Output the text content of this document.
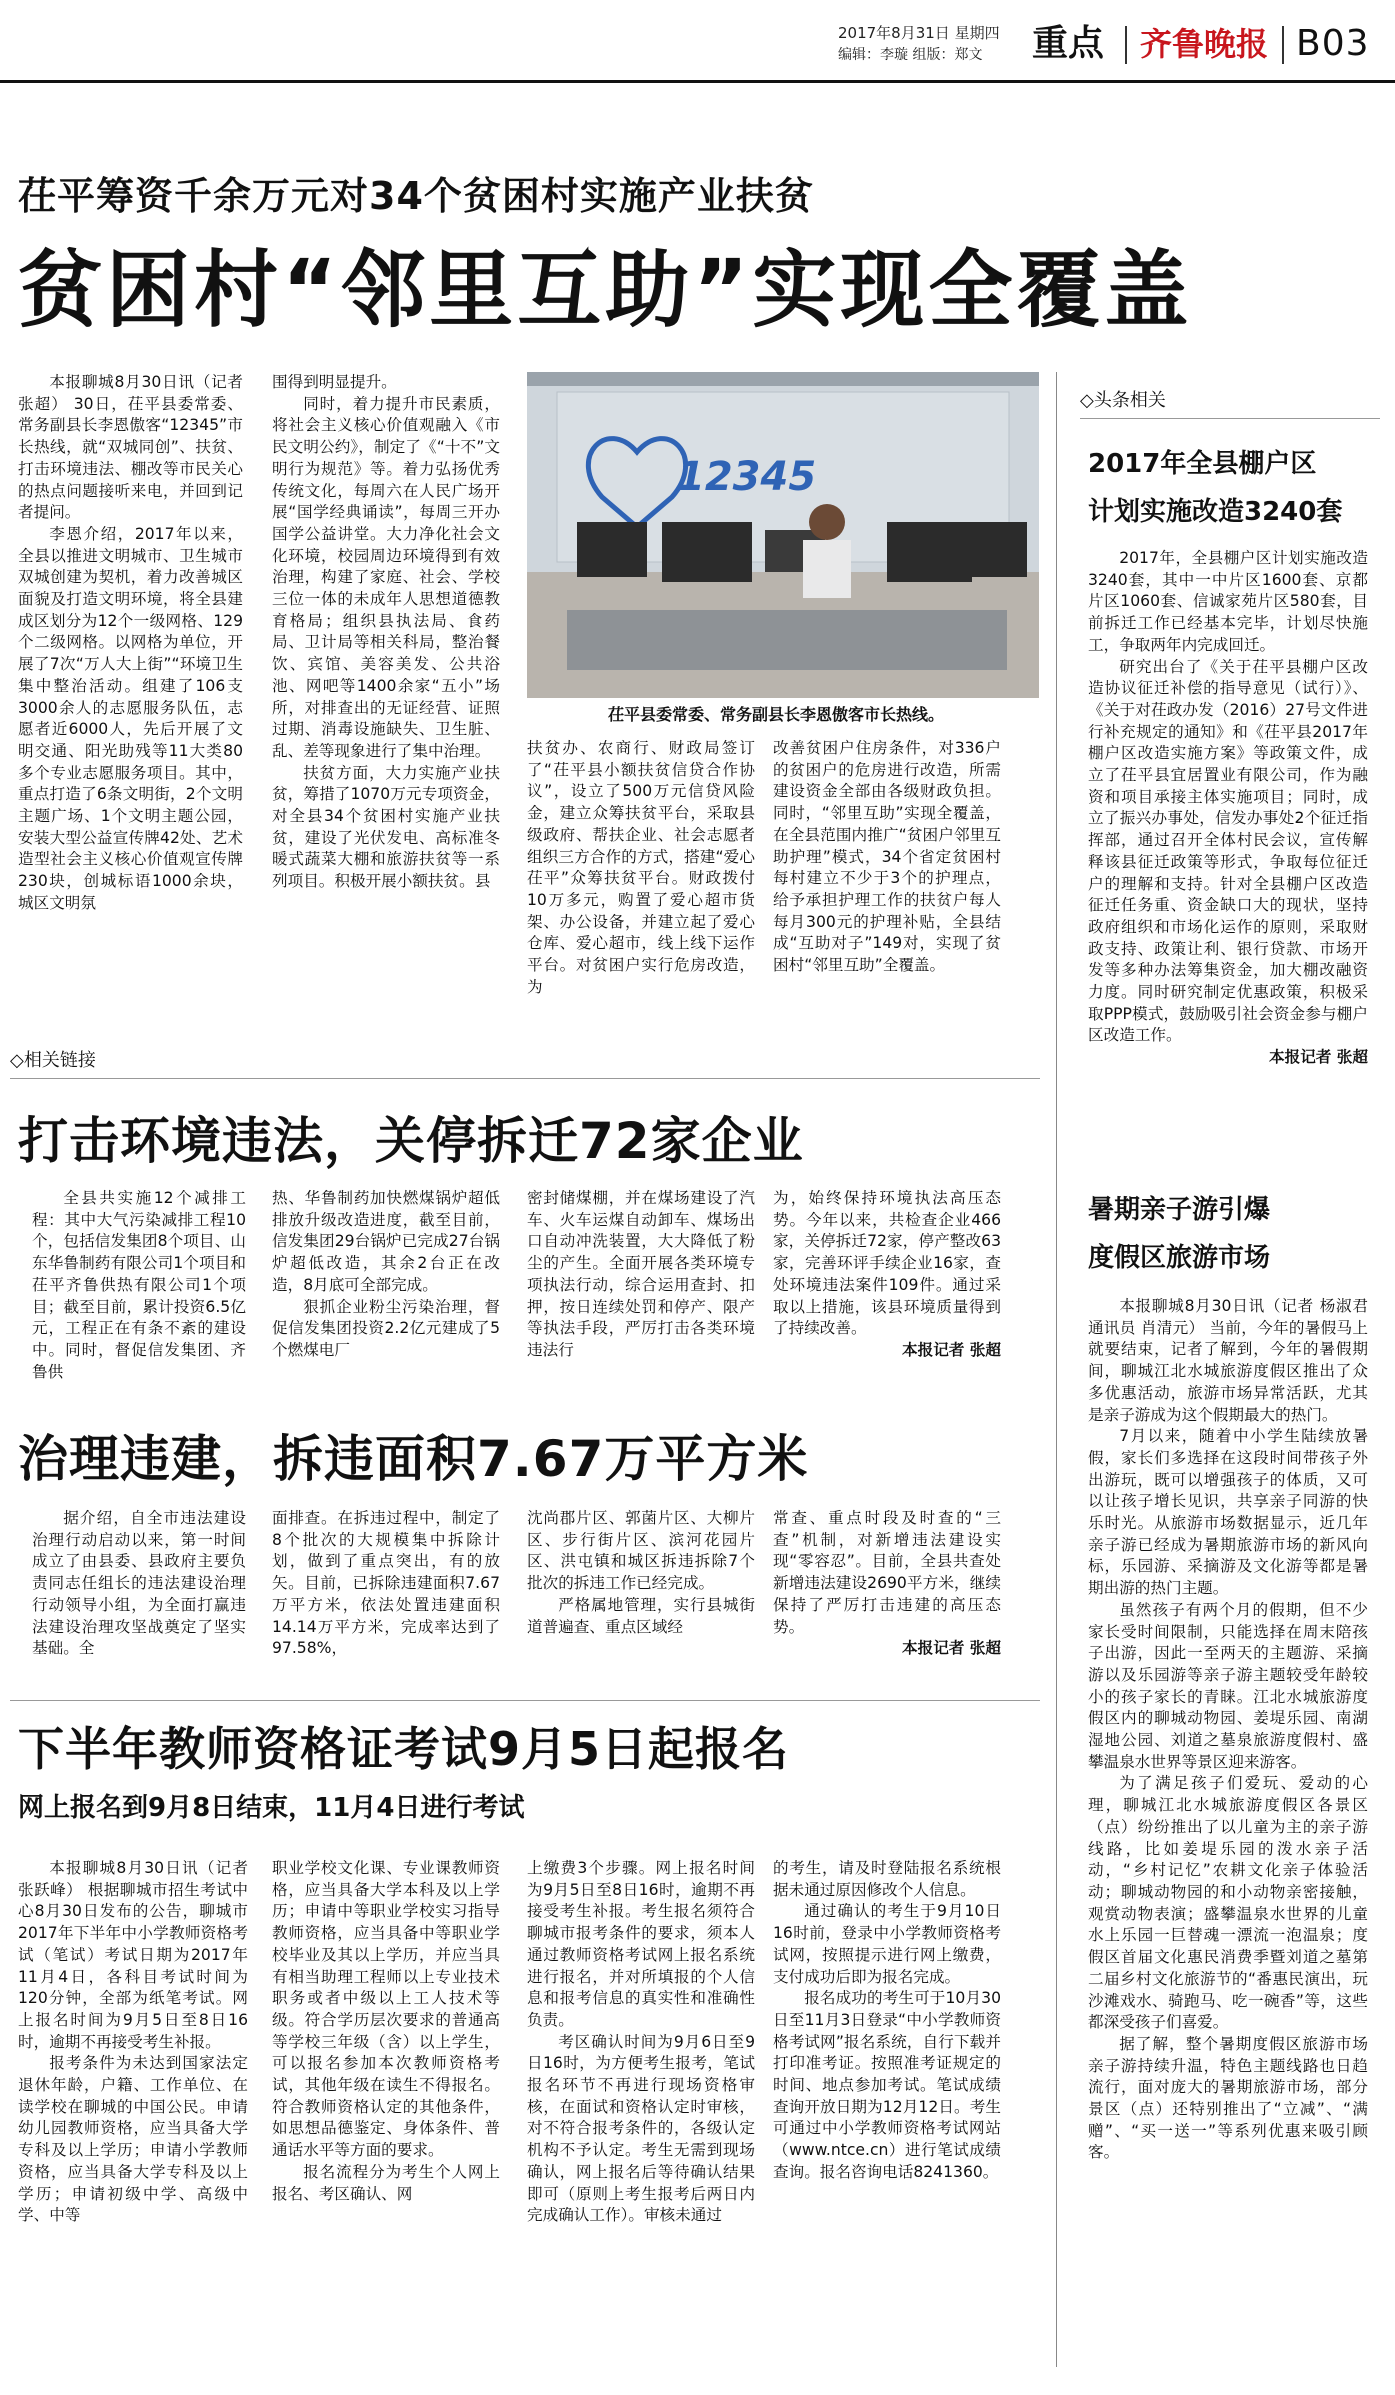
2017年8月31日 星期四
编辑：李璇 组版：郑文	重点 齐鲁晚报 B03
茌平筹资千余万元对34个贫困村实施产业扶贫
贫困村“邻里互助”实现全覆盖

本报聊城8月30日讯（记者 张超） 30日，茌平县委常委、常务副县长李恩傲客“12345”市长热线，就“双城同创”、扶贫、打击环境违法、棚改等市民关心的热点问题接听来电，并回到记者提问。

李恩介绍，2017年以来，全县以推进文明城市、卫生城市双城创建为契机，着力改善城区面貌及打造文明环境，将全县建成区划分为12个一级网格、129个二级网格。以网格为单位，开展了7次“万人大上街”“环境卫生集中整治活动。组建了106支3000余人的志愿服务队伍，志愿者近6000人，先后开展了文明交通、阳光助残等11大类80多个专业志愿服务项目。其中，重点打造了6条文明街，2个文明主题广场、1个文明主题公园，安装大型公益宣传牌42处、艺术造型社会主义核心价值观宣传牌230块，创城标语1000余块，城区文明氛

围得到明显提升。

同时，着力提升市民素质，将社会主义核心价值观融入《市民文明公约》，制定了《“十不”文明行为规范》等。着力弘扬优秀传统文化，每周六在人民广场开展“国学经典诵读”，每周三开办国学公益讲堂。大力净化社会文化环境，校园周边环境得到有效治理，构建了家庭、社会、学校三位一体的未成年人思想道德教育格局；组织县执法局、食药局、卫计局等相关科局，整治餐饮、宾馆、美容美发、公共浴池、网吧等1400余家“五小”场所，对排查出的无证经营、证照过期、消毒设施缺失、卫生脏、乱、差等现象进行了集中治理。

扶贫方面，大力实施产业扶贫，筹措了1070万元专项资金，对全县34个贫困村实施产业扶贫，建设了光伏发电、高标准冬暖式蔬菜大棚和旅游扶贫等一系列项目。积极开展小额扶贫。县

12345
茌平县委常委、常务副县长李恩傲客市长热线。

扶贫办、农商行、财政局签订了“茌平县小额扶贫信贷合作协议”，设立了500万元信贷风险金，建立众筹扶贫平台，采取县级政府、帮扶企业、社会志愿者组织三方合作的方式，搭建“爱心茌平”众筹扶贫平台。财政拨付10万多元，购置了爱心超市货架、办公设备，并建立起了爱心仓库、爱心超市，线上线下运作平台。对贫困户实行危房改造，为

改善贫困户住房条件，对336户的贫困户的危房进行改造，所需建设资金全部由各级财政负担。同时，“邻里互助”实现全覆盖，在全县范围内推广“贫困户邻里互助护理”模式，34个省定贫困村每村建立不少于3个的护理点，给予承担护理工作的扶贫户每人每月300元的护理补贴，全县结成“互助对子”149对，实现了贫困村“邻里互助”全覆盖。

◇相关链接
打击环境违法，关停拆迁72家企业

全县共实施12个减排工程：其中大气污染减排工程10个，包括信发集团8个项目、山东华鲁制药有限公司1个项目和茌平齐鲁供热有限公司1个项目；截至目前，累计投资6.5亿元，工程正在有条不紊的建设中。同时，督促信发集团、齐鲁供

热、华鲁制药加快燃煤锅炉超低排放升级改造进度，截至目前，信发集团29台锅炉已完成27台锅炉超低改造，其余2台正在改造，8月底可全部完成。

狠抓企业粉尘污染治理，督促信发集团投资2.2亿元建成了5个燃煤电厂

密封储煤棚，并在煤场建设了汽车、火车运煤自动卸车、煤场出口自动冲洗装置，大大降低了粉尘的产生。全面开展各类环境专项执法行动，综合运用查封、扣押，按日连续处罚和停产、限产等执法手段，严厉打击各类环境违法行

为，始终保持环境执法高压态势。今年以来，共检查企业466家，关停拆迁72家，停产整改63家，完善环评手续企业16家，查处环境违法案件109件。通过采取以上措施，该县环境质量得到了持续改善。

本报记者 张超

治理违建，拆违面积7.67万平方米

据介绍，自全市违法建设治理行动启动以来，第一时间成立了由县委、县政府主要负责同志任组长的违法建设治理行动领导小组，为全面打赢违法建设治理攻坚战奠定了坚实基础。全

面排查。在拆违过程中，制定了8个批次的大规模集中拆除计划，做到了重点突出，有的放矢。目前，已拆除违建面积7.67万平方米，依法处置违建面积14.14万平方米，完成率达到了97.58%，

沈尚郡片区、郭菌片区、大柳片区、步行街片区、滨河花园片区、洪屯镇和城区拆违拆除7个批次的拆违工作已经完成。

严格属地管理，实行县城街道普遍查、重点区域经

常查、重点时段及时查的“三查”机制，对新增违法建设实现“零容忍”。目前，全县共查处新增违法建设2690平方米，继续保持了严厉打击违建的高压态势。

本报记者 张超

下半年教师资格证考试9月5日起报名
网上报名到9月8日结束，11月4日进行考试

本报聊城8月30日讯（记者 张跃峰） 根据聊城市招生考试中心8月30日发布的公告，聊城市2017年下半年中小学教师资格考试（笔试）考试日期为2017年11月4日，各科目考试时间为120分钟，全部为纸笔考试。网上报名时间为9月5日至8日16时，逾期不再接受考生补报。

报考条件为未达到国家法定退休年龄，户籍、工作单位、在读学校在聊城的中国公民。申请幼儿园教师资格，应当具备大学专科及以上学历；申请小学教师资格，应当具备大学专科及以上学历；申请初级中学、高级中学、中等

职业学校文化课、专业课教师资格，应当具备大学本科及以上学历；申请中等职业学校实习指导教师资格，应当具备中等职业学校毕业及其以上学历，并应当具有相当助理工程师以上专业技术职务或者中级以上工人技术等级。符合学历层次要求的普通高等学校三年级（含）以上学生，可以报名参加本次教师资格考试，其他年级在读生不得报名。符合教师资格认定的其他条件，如思想品德鉴定、身体条件、普通话水平等方面的要求。

报名流程分为考生个人网上报名、考区确认、网

上缴费3个步骤。网上报名时间为9月5日至8日16时，逾期不再接受考生补报。考生报名须符合聊城市报考条件的要求，须本人通过教师资格考试网上报名系统进行报名，并对所填报的个人信息和报考信息的真实性和准确性负责。

考区确认时间为9月6日至9日16时，为方便考生报考，笔试报名环节不再进行现场资格审核，在面试和资格认定时审核，对不符合报考条件的，各级认定机构不予认定。考生无需到现场确认，网上报名后等待确认结果即可（原则上考生报考后两日内完成确认工作）。审核未通过

的考生，请及时登陆报名系统根据未通过原因修改个人信息。

通过确认的考生于9月10日16时前，登录中小学教师资格考试网，按照提示进行网上缴费，支付成功后即为报名完成。

报名成功的考生可于10月30日至11月3日登录“中小学教师资格考试网”报名系统，自行下载并打印准考证。按照准考证规定的时间、地点参加考试。笔试成绩查询开放日期为12月12日。考生可通过中小学教师资格考试网站（www.ntce.cn）进行笔试成绩查询。报名咨询电话8241360。

◇头条相关
2017年全县棚户区
计划实施改造3240套

2017年，全县棚户区计划实施改造3240套，其中一中片区1600套、京都片区1060套、信诚家苑片区580套，目前拆迁工作已经基本完毕，计划尽快施工，争取两年内完成回迁。

研究出台了《关于茌平县棚户区改造协议征迁补偿的指导意见（试行）》、《关于对茌政办发（2016）27号文件进行补充规定的通知》和《茌平县2017年棚户区改造实施方案》等政策文件，成立了茌平县宜居置业有限公司，作为融资和项目承接主体实施项目；同时，成立了振兴办事处，信发办事处2个征迁指挥部，通过召开全体村民会议，宣传解释该县征迁政策等形式，争取每位征迁户的理解和支持。针对全县棚户区改造征迁任务重、资金缺口大的现状，坚持政府组织和市场化运作的原则，采取财政支持、政策让利、银行贷款、市场开发等多种办法筹集资金，加大棚改融资力度。同时研究制定优惠政策，积极采取PPP模式，鼓励吸引社会资金参与棚户区改造工作。

本报记者 张超

暑期亲子游引爆
度假区旅游市场

本报聊城8月30日讯（记者 杨淑君 通讯员 肖清元） 当前，今年的暑假马上就要结束，记者了解到，今年的暑假期间，聊城江北水城旅游度假区推出了众多优惠活动，旅游市场异常活跃，尤其是亲子游成为这个假期最大的热门。

7月以来，随着中小学生陆续放暑假，家长们多选择在这段时间带孩子外出游玩，既可以增强孩子的体质，又可以让孩子增长见识，共享亲子同游的快乐时光。从旅游市场数据显示，近几年亲子游已经成为暑期旅游市场的新风向标，乐园游、采摘游及文化游等都是暑期出游的热门主题。

虽然孩子有两个月的假期，但不少家长受时间限制，只能选择在周末陪孩子出游，因此一至两天的主题游、采摘游以及乐园游等亲子游主题较受年龄较小的孩子家长的青睐。江北水城旅游度假区内的聊城动物园、姜堤乐园、南湖湿地公园、刘道之墓泉旅游度假村、盛攀温泉水世界等景区迎来游客。

为了满足孩子们爱玩、爱动的心理，聊城江北水城旅游度假区各景区（点）纷纷推出了以儿童为主的亲子游线路，比如姜堤乐园的泼水亲子活动，“乡村记忆”农耕文化亲子体验活动；聊城动物园的和小动物亲密接触，观赏动物表演；盛攀温泉水世界的儿童水上乐园一巨替魂一漂流一泡温泉；度假区首届文化惠民消费季暨刘道之墓第二届乡村文化旅游节的“番惠民演出，玩沙滩戏水、骑跑马、吃一碗香”等，这些都深受孩子们喜爱。

据了解，整个暑期度假区旅游市场亲子游持续升温，特色主题线路也日趋流行，面对庞大的暑期旅游市场，部分景区（点）还特别推出了“立减”、“满赠”、“买一送一”等系列优惠来吸引顾客。
